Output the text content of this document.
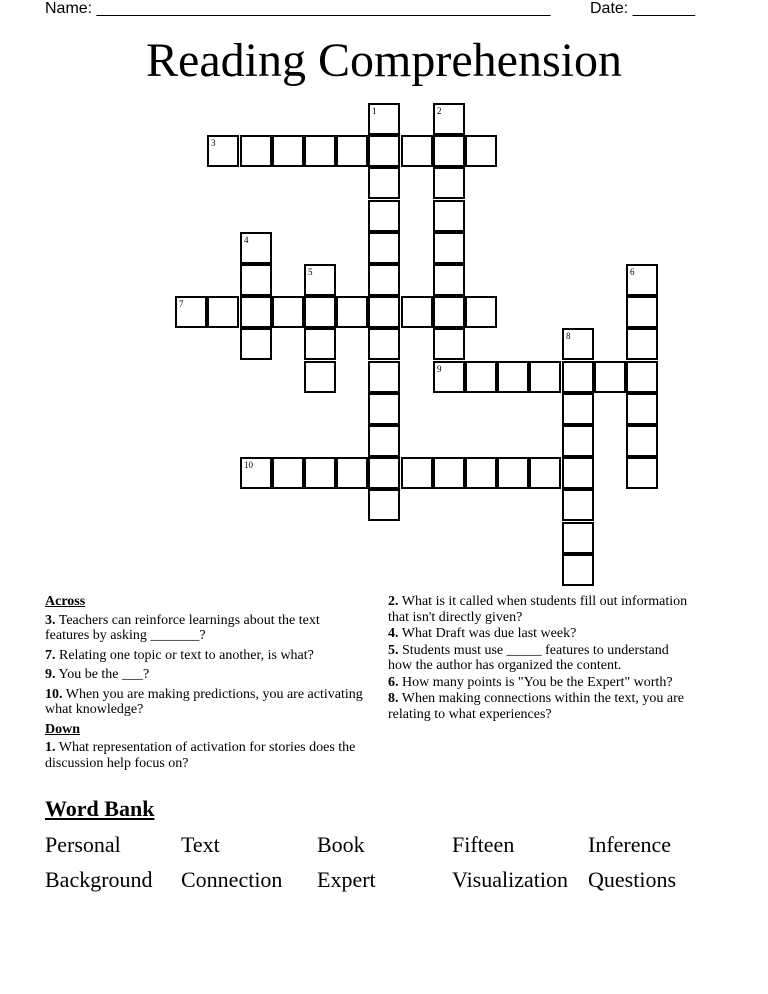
Name: ___________________________________________________ Date: _______
Reading Comprehension
1	2
3
4
5	6
7
8
9
10
Across
3. Teachers can reinforce learnings about the text features by asking _______?
7. Relating one topic or text to another, is what?
9. You be the ___?
10. When you are making predictions, you are activating what knowledge?
Down
1. What representation of activation for stories does the discussion help focus on?
2. What is it called when students fill out information that isn't directly given?
4. What Draft was due last week?
5. Students must use _____ features to understand how the author has organized the content.
6. How many points is "You be the Expert" worth?
8. When making connections within the text, you are relating to what experiences?
Word Bank
Personal	Text	Book	Fifteen	Inference
Background Connection Expert	Visualization Questions
